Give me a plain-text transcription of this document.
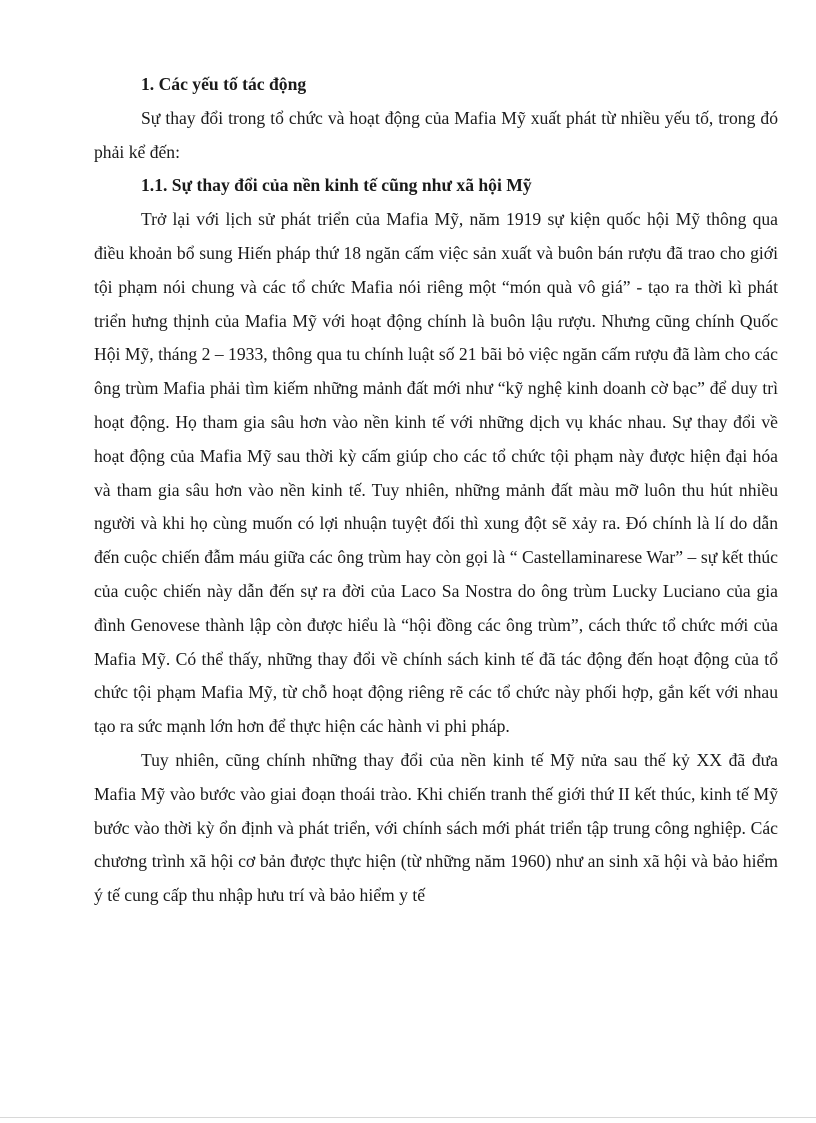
1. Các yếu tố tác động

Sự thay đổi trong tổ chức và hoạt động của Mafia Mỹ xuất phát từ nhiều yếu tố, trong đó phải kể đến:

1.1. Sự thay đổi của nền kinh tế cũng như xã hội Mỹ

Trở lại với lịch sử phát triển của Mafia Mỹ, năm 1919 sự kiện quốc hội Mỹ thông qua điều khoản bổ sung Hiến pháp thứ 18 ngăn cấm việc sản xuất và buôn bán rượu đã trao cho giới tội phạm nói chung và các tổ chức Mafia nói riêng một “món quà vô giá” - tạo ra thời kì phát triển hưng thịnh của Mafia Mỹ với hoạt động chính là buôn lậu rượu. Nhưng cũng chính Quốc Hội Mỹ, tháng 2 – 1933, thông qua tu chính luật số 21 bãi bỏ việc ngăn cấm rượu đã làm cho các ông trùm Mafia phải tìm kiếm những mảnh đất mới như “kỹ nghệ kinh doanh cờ bạc” để duy trì hoạt động. Họ tham gia sâu hơn vào nền kinh tế với những dịch vụ khác nhau. Sự thay đổi về hoạt động của Mafia Mỹ sau thời kỳ cấm giúp cho các tổ chức tội phạm này được hiện đại hóa và tham gia sâu hơn vào nền kinh tế. Tuy nhiên, những mảnh đất màu mỡ luôn thu hút nhiều người và khi họ cùng muốn có lợi nhuận tuyệt đối thì xung đột sẽ xảy ra. Đó chính là lí do dẫn đến cuộc chiến đẫm máu giữa các ông trùm hay còn gọi là “ Castellaminarese War” – sự kết thúc của cuộc chiến này dẫn đến sự ra đời của Laco Sa Nostra do ông trùm Lucky Luciano của gia đình Genovese thành lập còn được hiểu là “hội đồng các ông trùm”, cách thức tổ chức mới của Mafia Mỹ. Có thể thấy, những thay đổi về chính sách kinh tế đã tác động đến hoạt động của tổ chức tội phạm Mafia Mỹ, từ chỗ hoạt động riêng rẽ các tổ chức này phối hợp, gắn kết với nhau tạo ra sức mạnh lớn hơn để thực hiện các hành vi phi pháp.

Tuy nhiên, cũng chính những thay đổi của nền kinh tế Mỹ nửa sau thế kỷ XX đã đưa Mafia Mỹ vào bước vào giai đoạn thoái trào. Khi chiến tranh thế giới thứ II kết thúc, kinh tế Mỹ bước vào thời kỳ ổn định và phát triển, với chính sách mới phát triển tập trung công nghiệp. Các chương trình xã hội cơ bản được thực hiện (từ những năm 1960) như an sinh xã hội và bảo hiểm ý tế cung cấp thu nhập hưu trí và bảo hiểm y tế
